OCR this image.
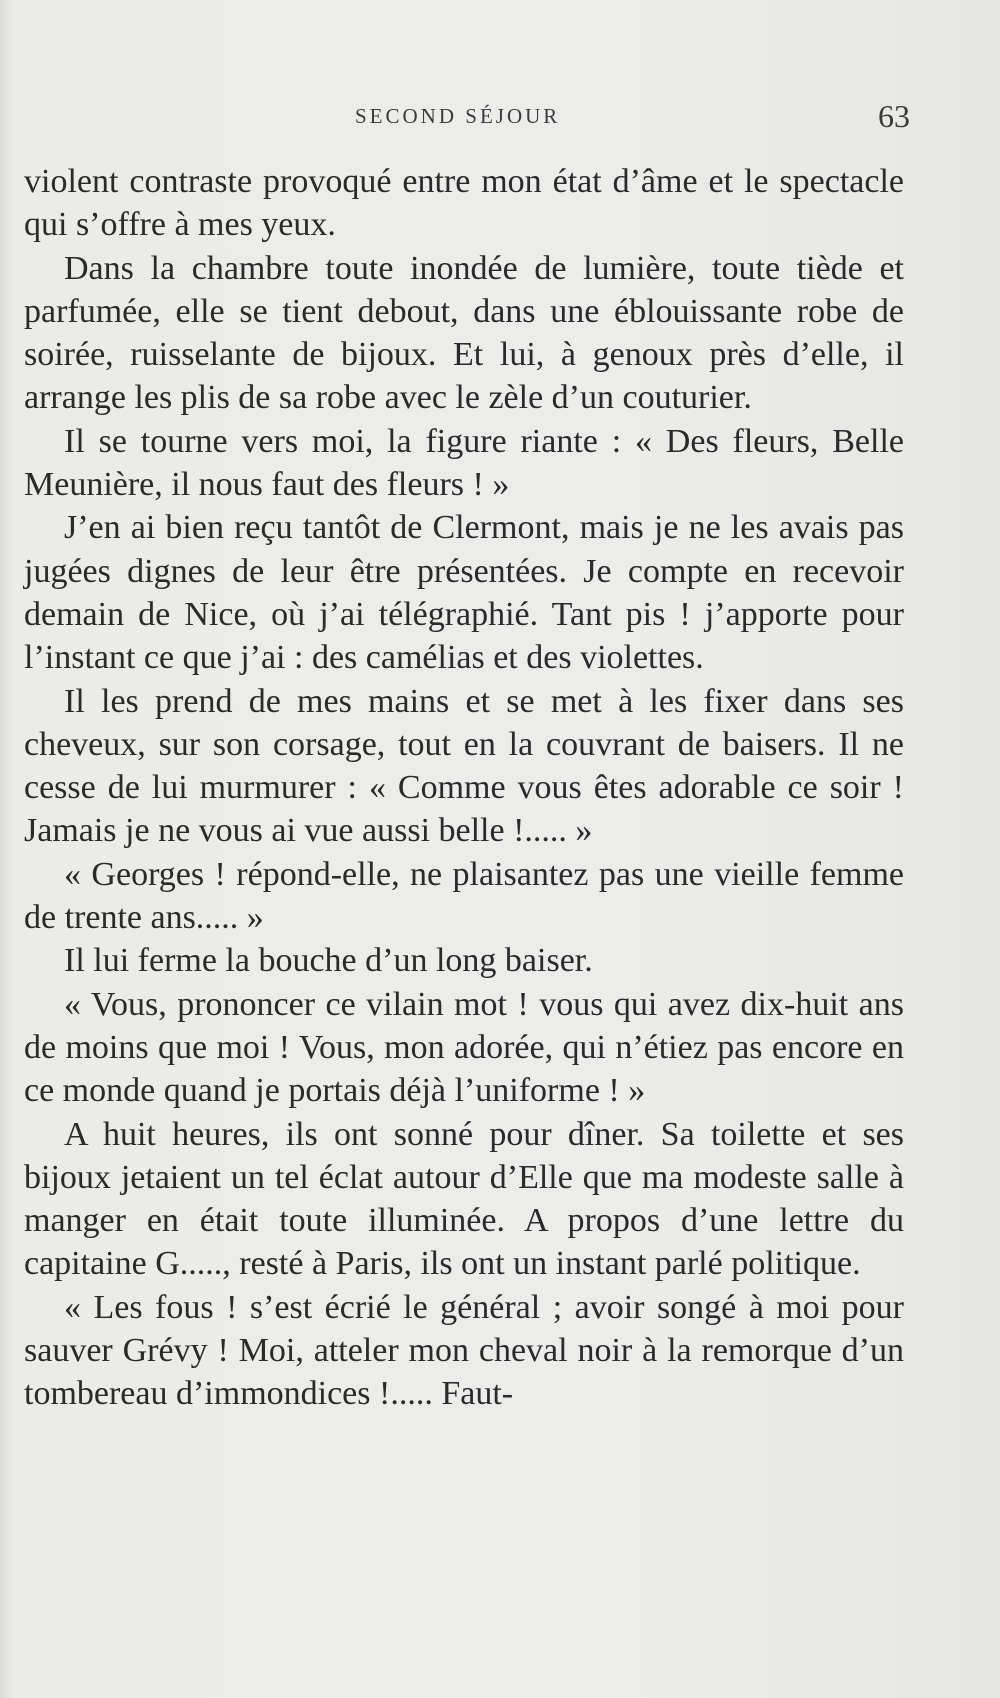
SECOND SÉJOUR	63

violent contraste provoqué entre mon état d’âme et le spectacle qui s’offre à mes yeux.

Dans la chambre toute inondée de lumière, toute tiède et parfumée, elle se tient debout, dans une éblouissante robe de soirée, ruisselante de bijoux. Et lui, à genoux près d’elle, il arrange les plis de sa robe avec le zèle d’un couturier.

Il se tourne vers moi, la figure riante : « Des fleurs, Belle Meunière, il nous faut des fleurs ! »

J’en ai bien reçu tantôt de Clermont, mais je ne les avais pas jugées dignes de leur être présentées. Je compte en recevoir demain de Nice, où j’ai télégraphié. Tant pis ! j’apporte pour l’instant ce que j’ai : des camélias et des violettes.

Il les prend de mes mains et se met à les fixer dans ses cheveux, sur son corsage, tout en la couvrant de baisers. Il ne cesse de lui murmurer : « Comme vous êtes adorable ce soir ! Jamais je ne vous ai vue aussi belle !..... »

« Georges ! répond-elle, ne plaisantez pas une vieille femme de trente ans..... »

Il lui ferme la bouche d’un long baiser.

« Vous, prononcer ce vilain mot ! vous qui avez dix-huit ans de moins que moi ! Vous, mon adorée, qui n’étiez pas encore en ce monde quand je portais déjà l’uniforme ! »

A huit heures, ils ont sonné pour dîner. Sa toilette et ses bijoux jetaient un tel éclat autour d’Elle que ma modeste salle à manger en était toute illuminée. A propos d’une lettre du capitaine G....., resté à Paris, ils ont un instant parlé politique.

« Les fous ! s’est écrié le général ; avoir songé à moi pour sauver Grévy ! Moi, atteler mon cheval noir à la remorque d’un tombereau d’immondices !..... Faut-
